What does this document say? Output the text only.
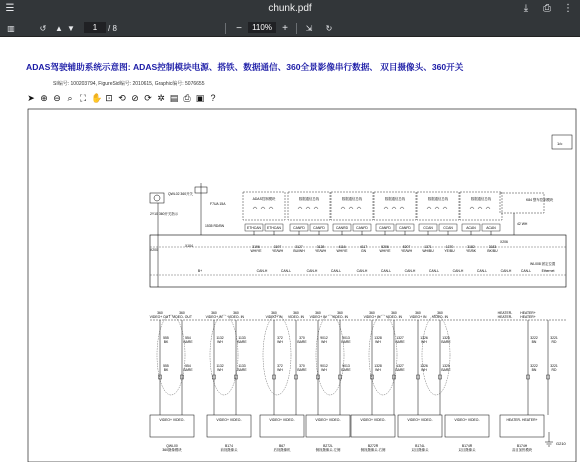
☰	chunk.pdf	⤓	⎙ ⋮
▥	↺ ▲ ▼	1	/ 8	−	110%	+ ⇲ ↻
ADAS驾驶辅助系统示意图: ADAS控制模块电源、搭铁、数据通信、360全景影像串行数据、 双目摄像头、360开关
SI编号: 100203794, FigureSid编号: 2010615, Graphic编号: 5076655
➤ ⊕ ⊖ ⌕ ⛶ ✋ ⊡ ⟲ ⊘ ⟳ ✲ ▤ ⎙ ▣ ?
1/c
B+	CAN-H	CAN-L	CAN-H	CAN-L	CAN-H	CAN-L	CAN-H	CAN-L	CAN-H	CAN-L	CAN-H	CAN-L	Ethernet
ADAS控制模块
ETHCAN ETHCAN
数据通信总线
CANFD CANFD
数据通信总线
CANRD CANFD
数据通信总线
CANFD CANFD
数据通信总线
CCAN	CCAN
数据通信总线
ACAN	ACAN
3196
WH/YE
3197
YE/WH
3127
BU/WH
3128
YE/WH
4116
WH/YE
4117
GN
5206
WH/YE
5207
YE/WH
1371
WH/BU
1370
YE/BU
3182
YE/BK
3183
BK/BU
QWL02 360开关
F7UA 15A
2Y10 360开关指示
X104
1535 RD/BN
X200
K84 整车控制模块
X206
42 WH
WL008 固定位置
360
VIDEO+ OUT
360
VIDEO- OUT
360
VIDEO+ IN
360
VIDEO- IN
360
VIDEO+ IN
360
VIDEO- IN
360
VIDEO+ IN
360
VIDEO- IN
360
VIDEO+ IN
360
VIDEO- IN
360
VIDEO+ IN
360
VIDEO- IN
HEATER-
HEATER-
HEATER+
HEATER+
555
BK
555
BK
554
BARE
554
BARE
1132
WH
1132
WH
1133
BARE
1133
BARE
372
WH
372
WH
370
BARE
370
BARE
9012
WH
9012
WH
9013
BARE
9013
BARE
1328
WH
1328
WH
1327
BARE
1327
BARE
1326
WH
1326
WH
1325
BARE
1325
BARE
3222
BN
3222
BN
3221
RD
3221
RD
VIDEO+ VIDEO-
QWL00
360摄像模块
VIDEO+ VIDEO-
B174
前视摄像头
VIDEO+ VIDEO-
B67
后视摄像机
VIDEO+ VIDEO-
B272L
侧视摄像头-左侧
VIDEO+ VIDEO-
B272R
侧视摄像头-右侧
VIDEO+ VIDEO-
B174L
双目摄像头
VIDEO+ VIDEO-
B174R
双目摄像头
HEATER- HEATER+
B174H
双目加热模块
G210
